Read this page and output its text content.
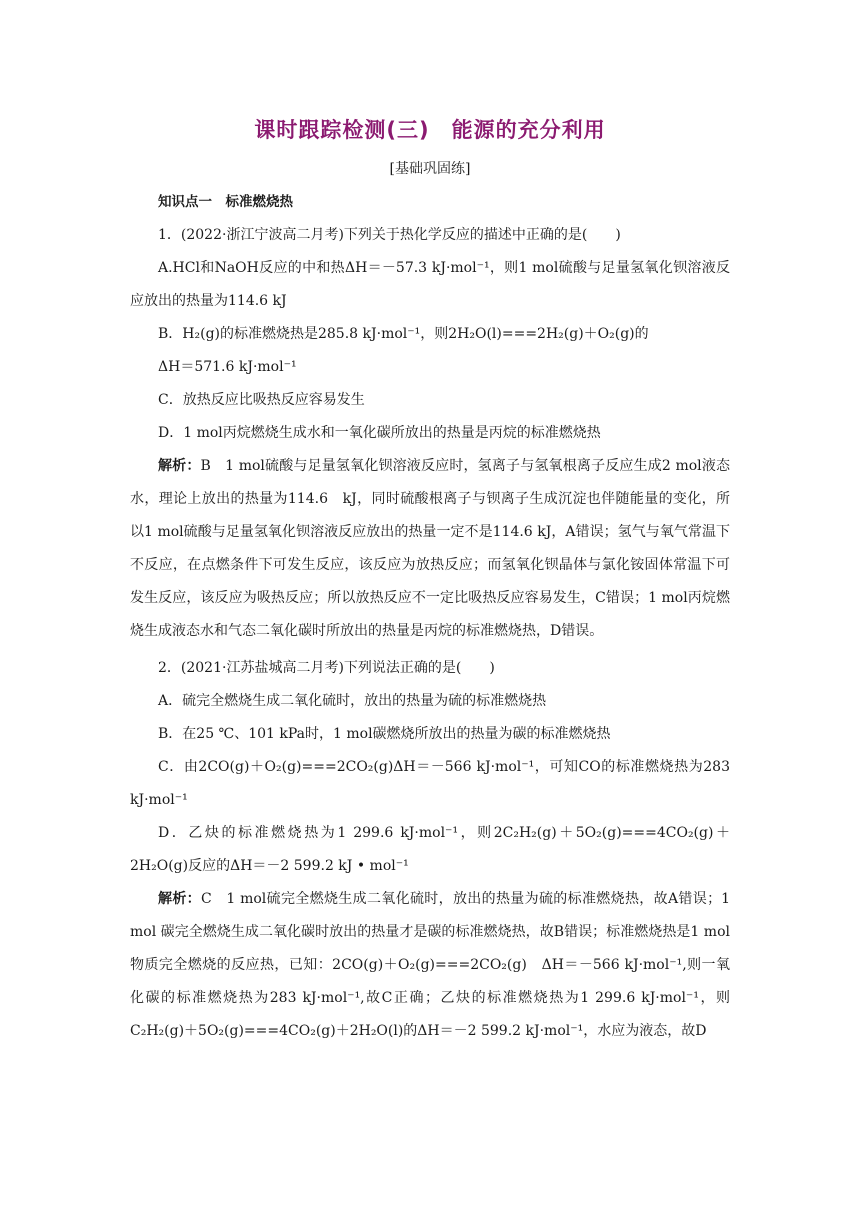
课时跟踪检测(三)　能源的充分利用
[基础巩固练]

知识点一　标准燃烧热

1．(2022·浙江宁波高二月考)下列关于热化学反应的描述中正确的是(　　)

A.HCl和NaOH反应的中和热ΔH＝－57.3 kJ·mol⁻¹，则1 mol硫酸与足量氢氧化钡溶液反应放出的热量为114.6 kJ

B．H₂(g)的标准燃烧热是285.8 kJ·mol⁻¹，则2H₂O(l)===2H₂(g)＋O₂(g)的

ΔH＝571.6 kJ·mol⁻¹

C．放热反应比吸热反应容易发生

D．1 mol丙烷燃烧生成水和一氧化碳所放出的热量是丙烷的标准燃烧热

解析：B　1 mol硫酸与足量氢氧化钡溶液反应时，氢离子与氢氧根离子反应生成2 mol液态水，理论上放出的热量为114.6　kJ，同时硫酸根离子与钡离子生成沉淀也伴随能量的变化，所以1 mol硫酸与足量氢氧化钡溶液反应放出的热量一定不是114.6 kJ，A错误；氢气与氧气常温下不反应，在点燃条件下可发生反应，该反应为放热反应；而氢氧化钡晶体与氯化铵固体常温下可发生反应，该反应为吸热反应；所以放热反应不一定比吸热反应容易发生，C错误；1 mol丙烷燃烧生成液态水和气态二氧化碳时所放出的热量是丙烷的标准燃烧热，D错误。

2．(2021·江苏盐城高二月考)下列说法正确的是(　　)

A．硫完全燃烧生成二氧化硫时，放出的热量为硫的标准燃烧热

B．在25 ℃、101 kPa时，1 mol碳燃烧所放出的热量为碳的标准燃烧热

C．由2CO(g)＋O₂(g)===2CO₂(g)ΔH＝－566 kJ·mol⁻¹，可知CO的标准燃烧热为283 kJ·mol⁻¹

D．乙炔的标准燃烧热为1 299.6 kJ·mol⁻¹，则2C₂H₂(g)＋5O₂(g)===4CO₂(g)＋2H₂O(g)反应的ΔH＝－2 599.2 kJ • mol⁻¹

解析：C　1 mol硫完全燃烧生成二氧化硫时，放出的热量为硫的标准燃烧热，故A错误；1 mol 碳完全燃烧生成二氧化碳时放出的热量才是碳的标准燃烧热，故B错误；标准燃烧热是1 mol物质完全燃烧的反应热，已知：2CO(g)＋O₂(g)===2CO₂(g)　ΔH＝－566 kJ·mol⁻¹,则一氧化碳的标准燃烧热为283 kJ·mol⁻¹,故C正确；乙炔的标准燃烧热为1 299.6 kJ·mol⁻¹，则C₂H₂(g)＋5O₂(g)===4CO₂(g)＋2H₂O(l)的ΔH＝－2 599.2 kJ·mol⁻¹，水应为液态，故D
